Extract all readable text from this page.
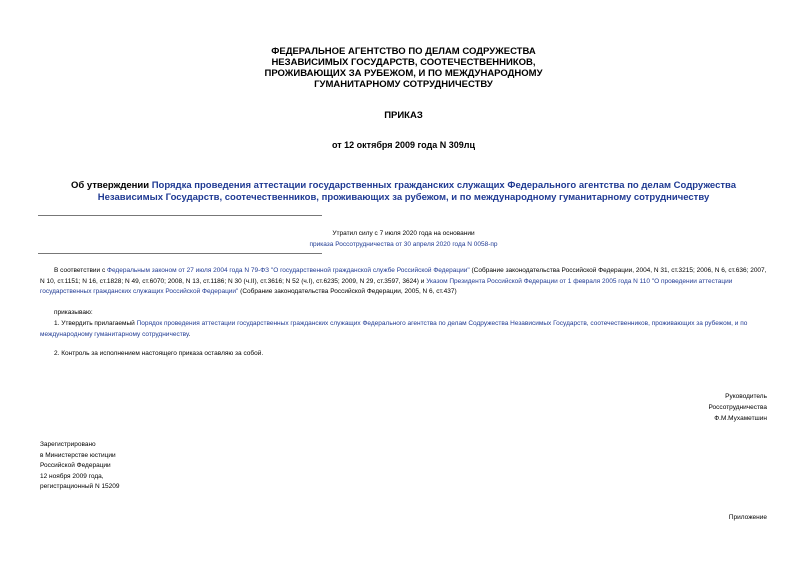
ФЕДЕРАЛЬНОЕ АГЕНТСТВО ПО ДЕЛАМ СОДРУЖЕСТВА
НЕЗАВИСИМЫХ ГОСУДАРСТВ, СООТЕЧЕСТВЕННИКОВ,
ПРОЖИВАЮЩИХ ЗА РУБЕЖОМ, И ПО МЕЖДУНАРОДНОМУ
ГУМАНИТАРНОМУ СОТРУДНИЧЕСТВУ
ПРИКАЗ
от 12 октября 2009 года N 309лц
Об утверждении Порядка проведения аттестации государственных гражданских служащих Федерального агентства по делам Содружества Независимых Государств, соотечественников, проживающих за рубежом, и по международному гуманитарному сотрудничеству
Утратил силу с 7 июля 2020 года на основании
приказа Россотрудничества от 30 апреля 2020 года N 0058-пр
В соответствии с Федеральным законом от 27 июля 2004 года N 79-ФЗ "О государственной гражданской службе Российской Федерации" (Собрание законодательства Российской Федерации, 2004, N 31, ст.3215; 2006, N 6, ст.636; 2007, N 10, ст.1151; N 16, ст.1828; N 49, ст.6070; 2008, N 13, ст.1186; N 30 (ч.II), ст.3616; N 52 (ч.I), ст.6235; 2009, N 29, ст.3597, 3624) и Указом Президента Российской Федерации от 1 февраля 2005 года N 110 "О проведении аттестации государственных гражданских служащих Российской Федерации" (Собрание законодательства Российской Федерации, 2005, N 6, ст.437)
приказываю:
1. Утвердить прилагаемый Порядок проведения аттестации государственных гражданских служащих Федерального агентства по делам Содружества Независимых Государств, соотечественников, проживающих за рубежом, и по международному гуманитарному сотрудничеству.
2. Контроль за исполнением настоящего приказа оставляю за собой.
Руководитель
Россотрудничества
Ф.М.Мухаметшин
Зарегистрировано
в Министерстве юстиции
Российской Федерации
12 ноября 2009 года,
регистрационный N 15209
Приложение
